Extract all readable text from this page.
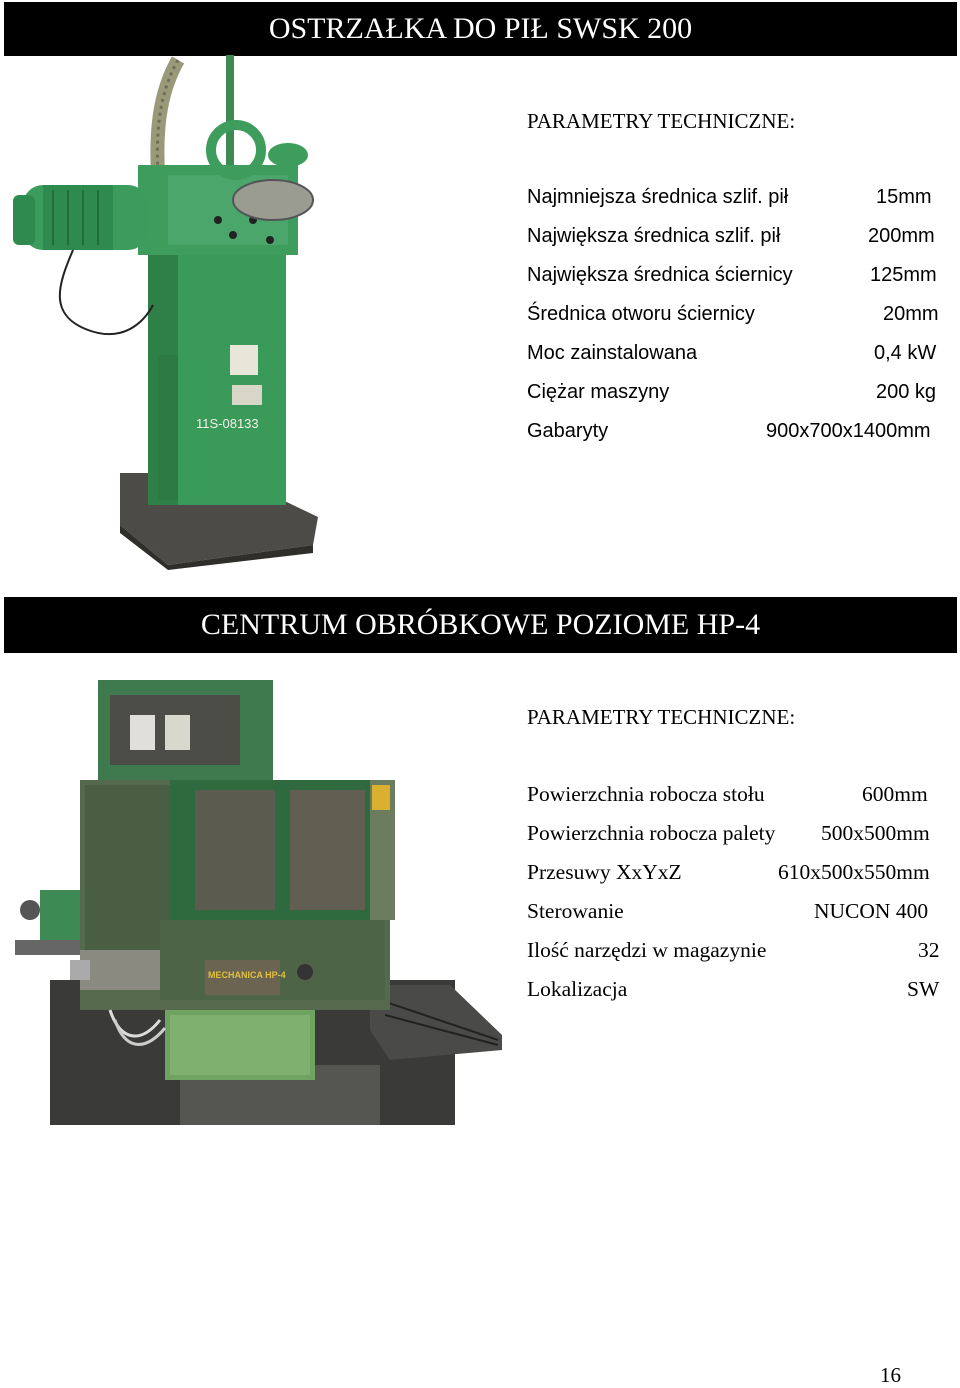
OSTRZAŁKA DO PIŁ SWSK 200
11S-08133
PARAMETRY TECHNICZNE:
Najmniejsza średnica szlif. pił	15mm
Największa średnica szlif. pił	200mm
Największa średnica ściernicy	125mm
Średnica otworu ściernicy	20mm
Moc zainstalowana	0,4 kW
Ciężar maszyny	200 kg
Gabaryty	900x700x1400mm
CENTRUM OBRÓBKOWE POZIOME HP-4
MECHANICA HP-4
PARAMETRY TECHNICZNE:
Powierzchnia robocza stołu	600mm
Powierzchnia robocza palety 500x500mm
Przesuwy XxYxZ	610x500x550mm
Sterowanie	NUCON 400
Ilość narzędzi w magazynie	32
Lokalizacja	SW
16
